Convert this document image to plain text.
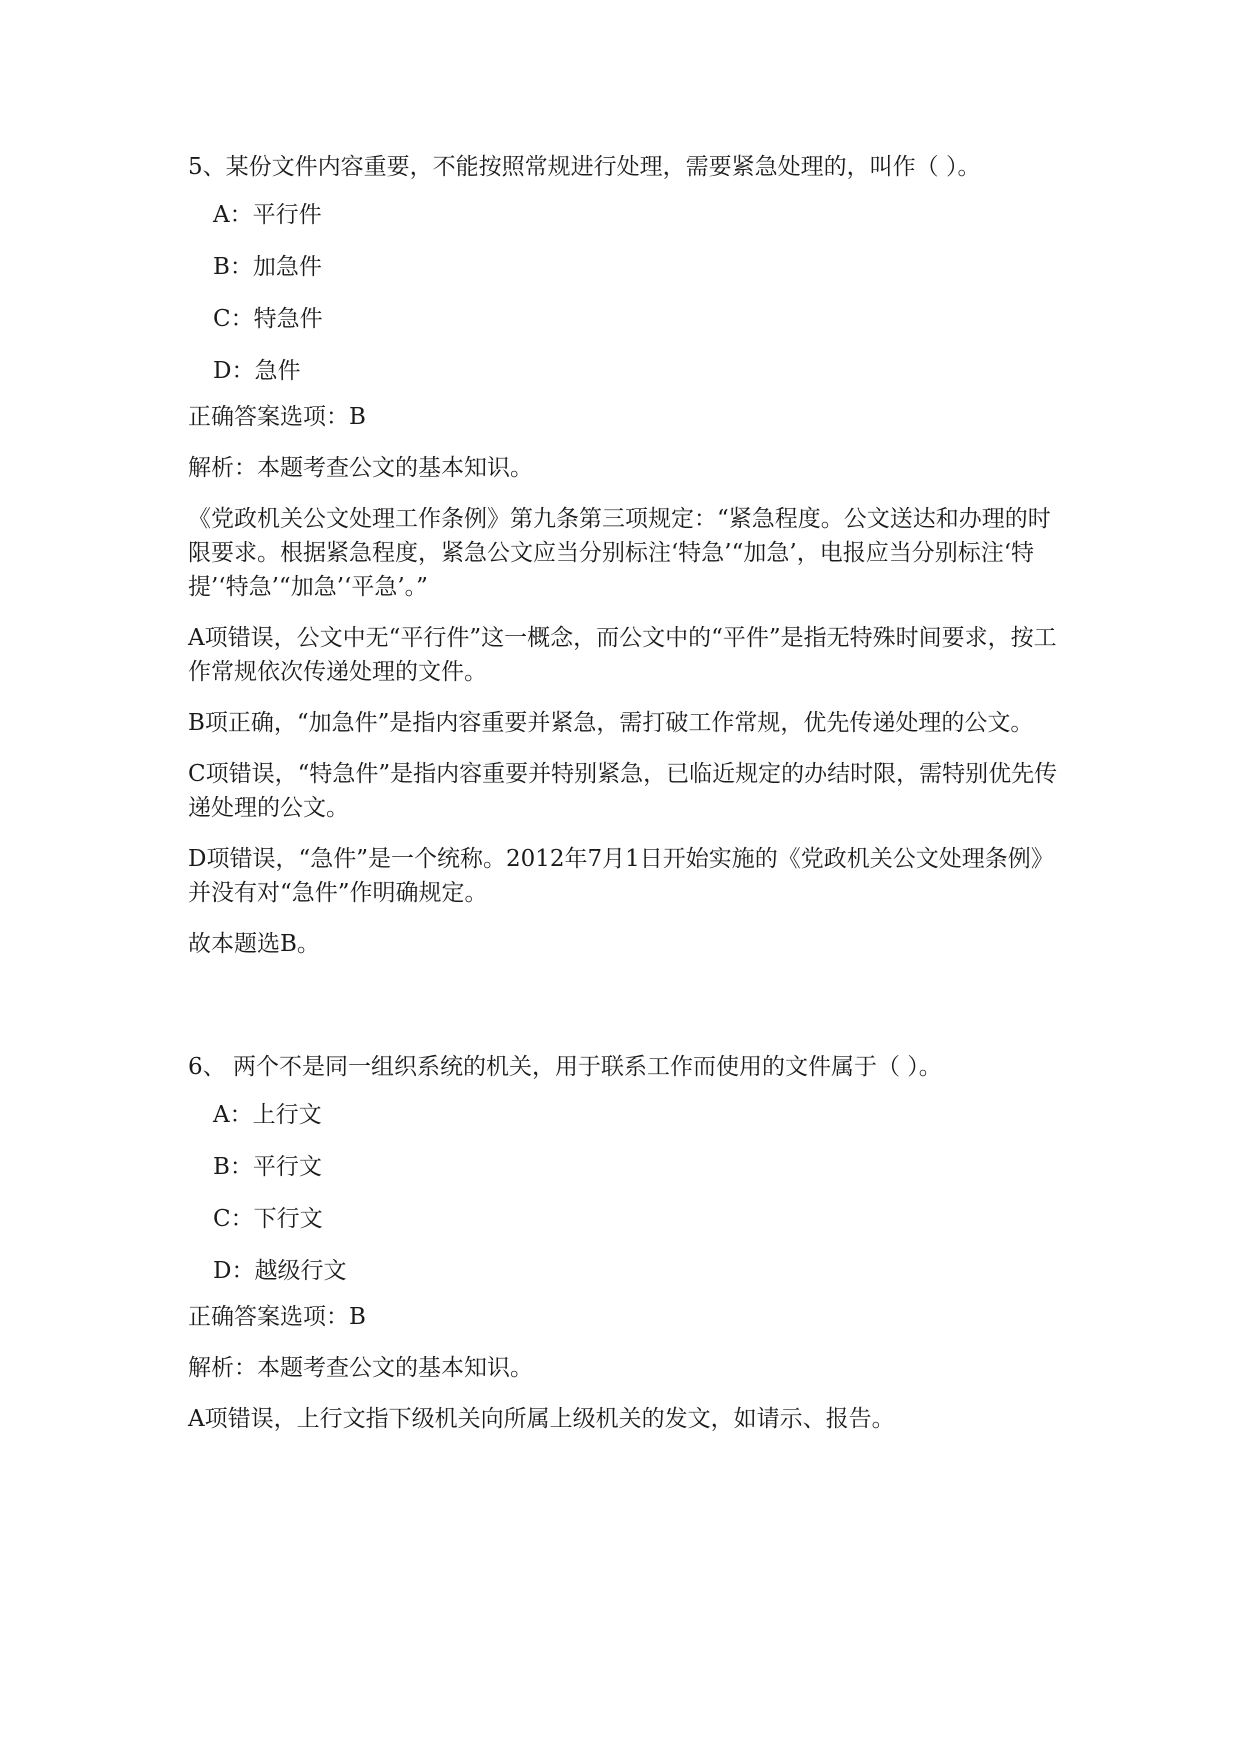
5、某份文件内容重要，不能按照常规进行处理，需要紧急处理的，叫作（ ）。

A：平行件
B：加急件
C：特急件
D：急件

正确答案选项：B

解析：本题考查公文的基本知识。

《党政机关公文处理工作条例》第九条第三项规定：“紧急程度。公文送达和办理的时限要求。根据紧急程度，紧急公文应当分别标注‘特急’“加急’，电报应当分别标注‘特提’‘特急’“加急’‘平急’。”

A项错误，公文中无“平行件”这一概念，而公文中的“平件”是指无特殊时间要求，按工作常规依次传递处理的文件。

B项正确，“加急件”是指内容重要并紧急，需打破工作常规，优先传递处理的公文。

C项错误，“特急件”是指内容重要并特别紧急，已临近规定的办结时限，需特别优先传递处理的公文。

D项错误，“急件”是一个统称。2012年7月1日开始实施的《党政机关公文处理条例》并没有对“急件”作明确规定。

故本题选B。

6、 两个不是同一组织系统的机关，用于联系工作而使用的文件属于（ ）。

A：上行文
B：平行文
C：下行文
D：越级行文

正确答案选项：B

解析：本题考查公文的基本知识。

A项错误，上行文指下级机关向所属上级机关的发文，如请示、报告。
